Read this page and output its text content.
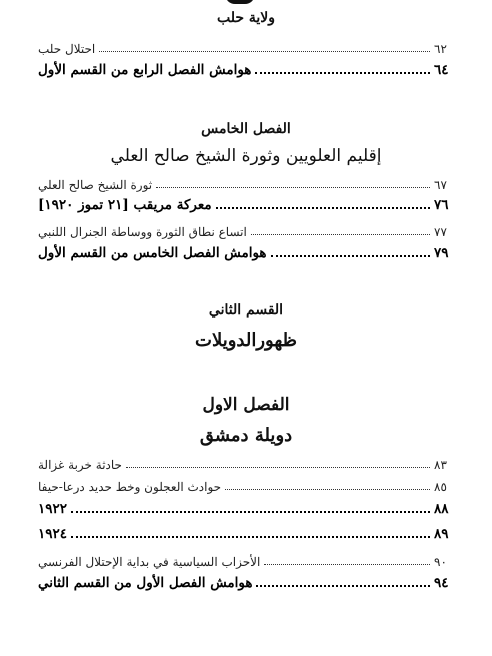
ولاية حلب
احتلال حلب	٦٢
هوامش الفصل الرابع من القسم الأول	٦٤
الفصل الخامس
إقليم العلويين وثورة الشيخ صالح العلي
ثورة الشيخ صالح العلي	٦٧
معركة مريقب [٢١ تموز ١٩٢٠]	٧٦
اتساع نطاق الثورة ووساطة الجنرال اللنبي	٧٧
هوامش الفصل الخامس من القسم الأول	٧٩
القسم الثاني
ظهورالدويلات
الفصل الاول
دويلة دمشق
حادثة خربة غزالة	٨٣
حوادث العجلون وخط حديد درعا-حيفا	٨٥
١٩٢٢	٨٨
١٩٢٤	٨٩
الأحزاب السياسية في بداية الإحتلال الفرنسي	٩٠
هوامش الفصل الأول من القسم الثاني	٩٤
